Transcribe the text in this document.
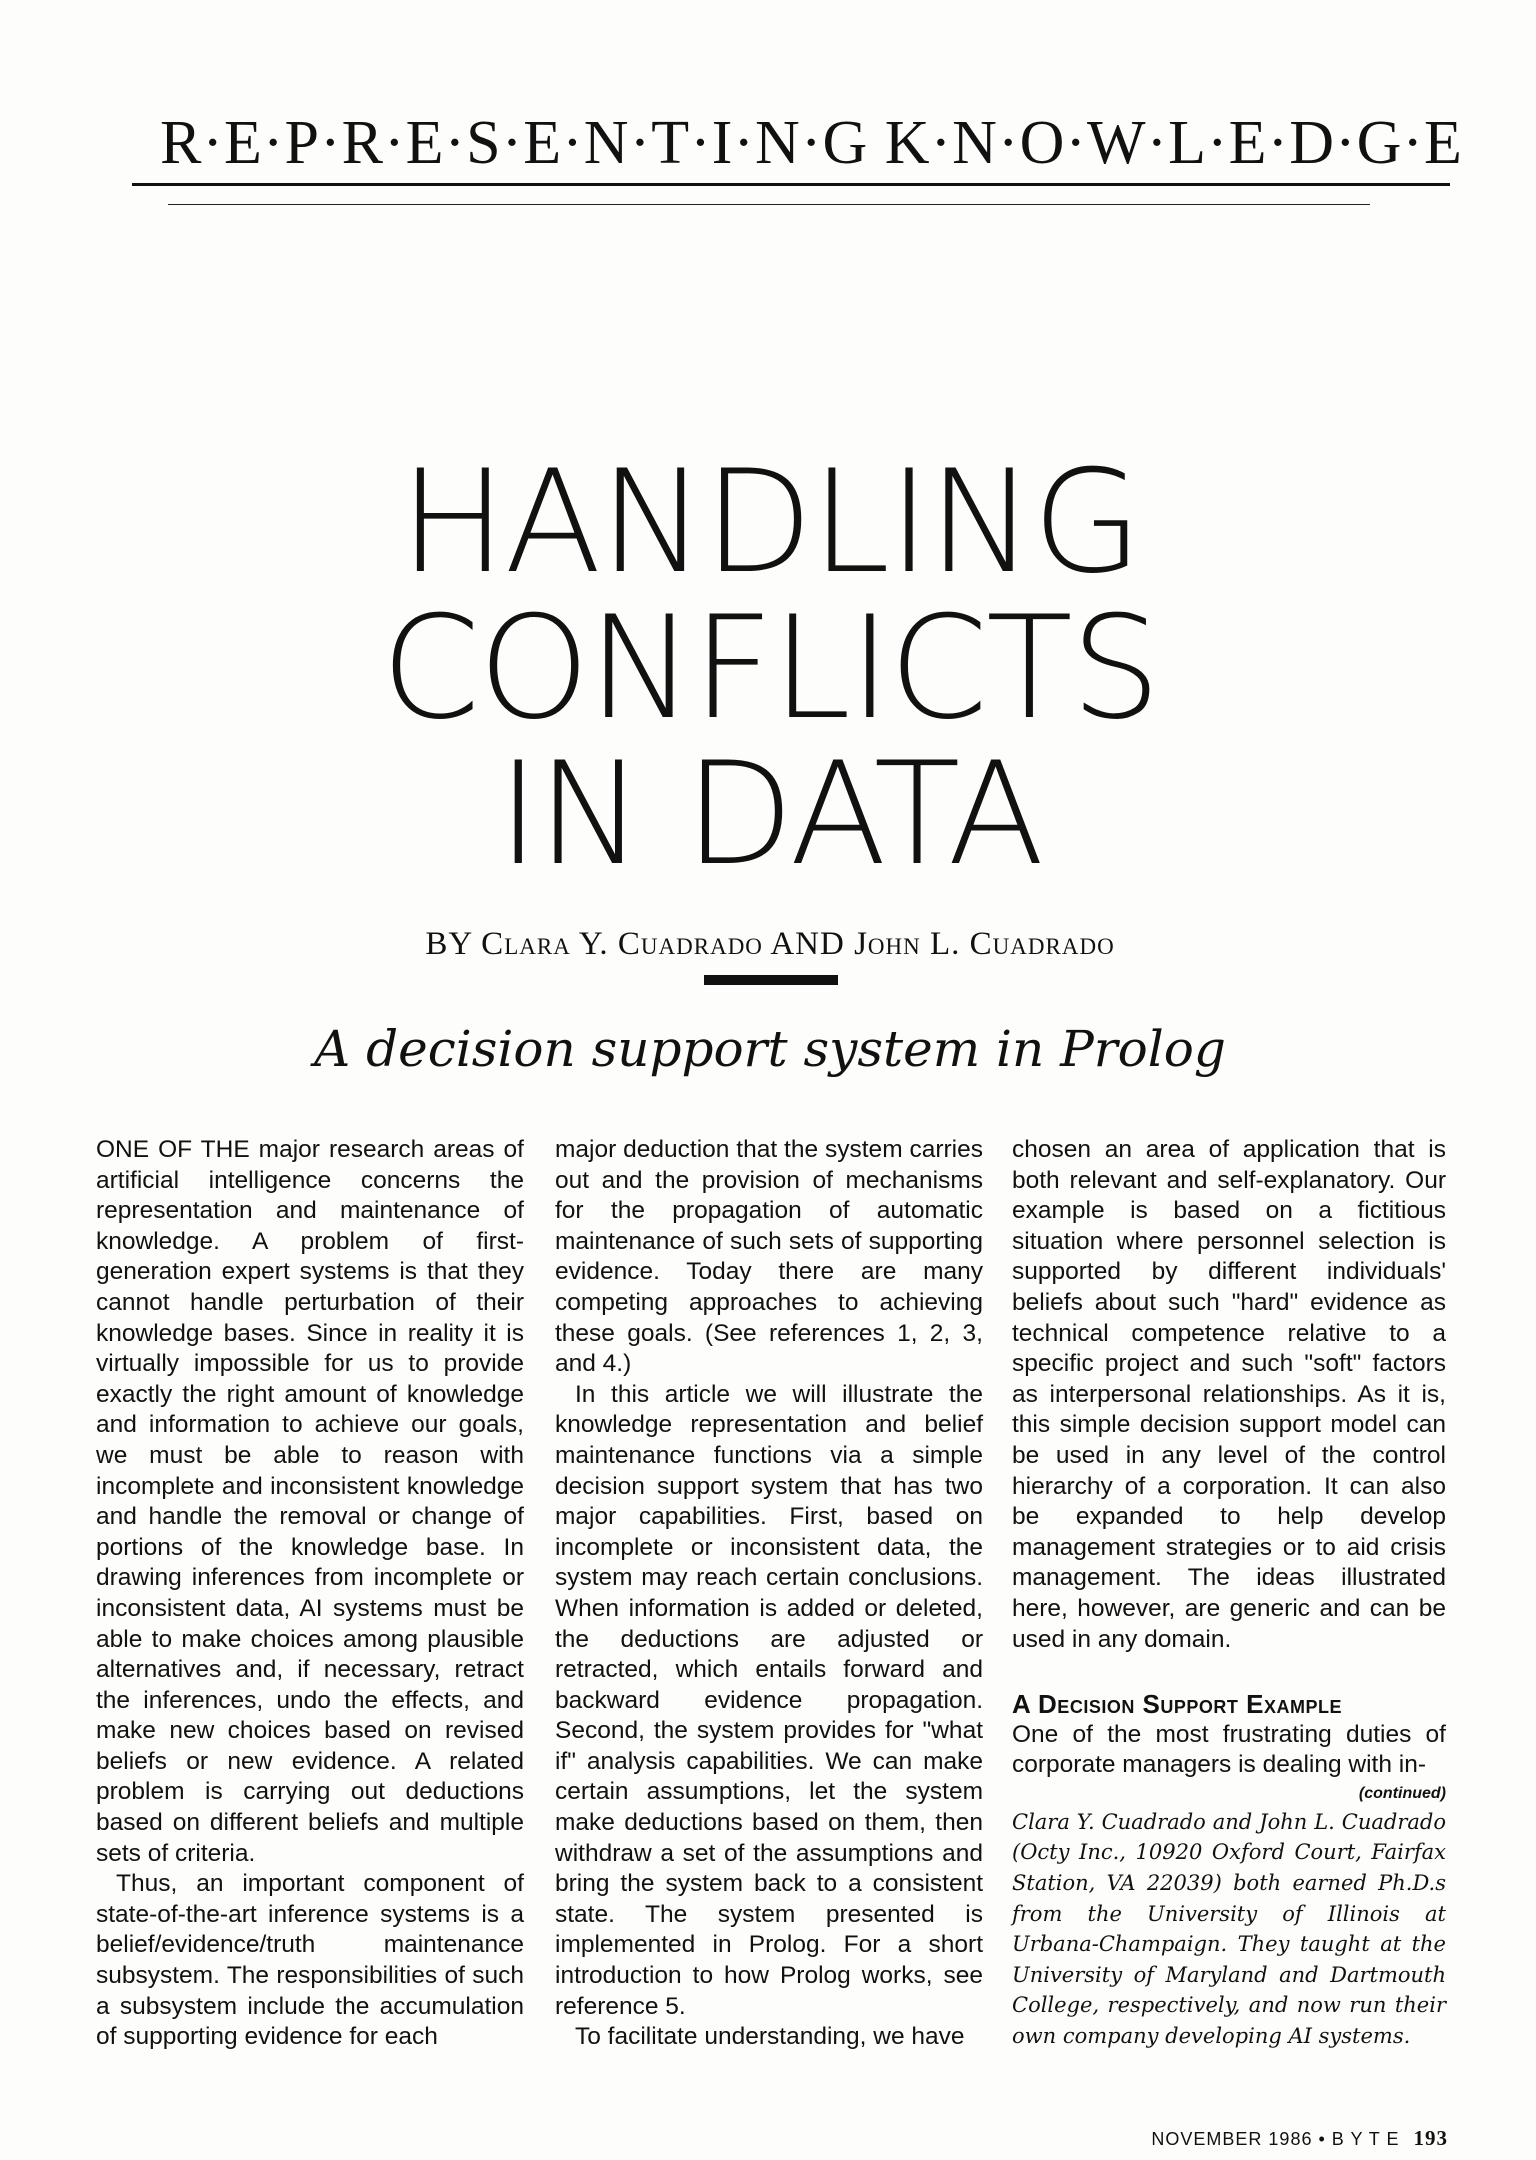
R·E·P·R·E·S·E·N·T·I·N·G K·N·O·W·L·E·D·G·E
HANDLING
CONFLICTS
IN DATA
BY Clara Y. Cuadrado AND John L. Cuadrado
A decision support system in Prolog

ONE OF THE major research areas of artificial intelligence concerns the representation and maintenance of knowledge. A problem of first-generation expert systems is that they cannot handle perturbation of their knowledge bases. Since in reality it is virtually impossible for us to provide exactly the right amount of knowledge and information to achieve our goals, we must be able to reason with incomplete and inconsistent knowledge and handle the removal or change of portions of the knowledge base. In drawing inferences from incomplete or inconsistent data, AI systems must be able to make choices among plausible alternatives and, if necessary, retract the inferences, undo the effects, and make new choices based on revised beliefs or new evidence. A related problem is carrying out deductions based on different beliefs and multiple sets of criteria.

Thus, an important component of state-of-the-art inference systems is a belief/evidence/truth maintenance subsystem. The responsibilities of such a subsystem include the accumulation of supporting evidence for each

major deduction that the system carries out and the provision of mechanisms for the propagation of automatic maintenance of such sets of supporting evidence. Today there are many competing approaches to achieving these goals. (See references 1, 2, 3, and 4.)

In this article we will illustrate the knowledge representation and belief maintenance functions via a simple decision support system that has two major capabilities. First, based on incomplete or inconsistent data, the system may reach certain conclusions. When information is added or deleted, the deductions are adjusted or retracted, which entails forward and backward evidence propagation. Second, the system provides for "what if" analysis capabilities. We can make certain assumptions, let the system make deductions based on them, then withdraw a set of the assumptions and bring the system back to a consistent state. The system presented is implemented in Prolog. For a short introduction to how Prolog works, see reference 5.

To facilitate understanding, we have

chosen an area of application that is both relevant and self-explanatory. Our example is based on a fictitious situation where personnel selection is supported by different individuals' beliefs about such "hard" evidence as technical competence relative to a specific project and such "soft" factors as interpersonal relationships. As it is, this simple decision support model can be used in any level of the control hierarchy of a corporation. It can also be expanded to help develop management strategies or to aid crisis management. The ideas illustrated here, however, are generic and can be used in any domain.

A Decision Support Example

One of the most frustrating duties of corporate managers is dealing with in-

(continued)

Clara Y. Cuadrado and John L. Cuadrado (Octy Inc., 10920 Oxford Court, Fairfax Station, VA 22039) both earned Ph.D.s from the University of Illinois at Urbana-Champaign. They taught at the University of Maryland and Dartmouth College, respectively, and now run their own company developing AI systems.

NOVEMBER 1986 • B Y T E 193
